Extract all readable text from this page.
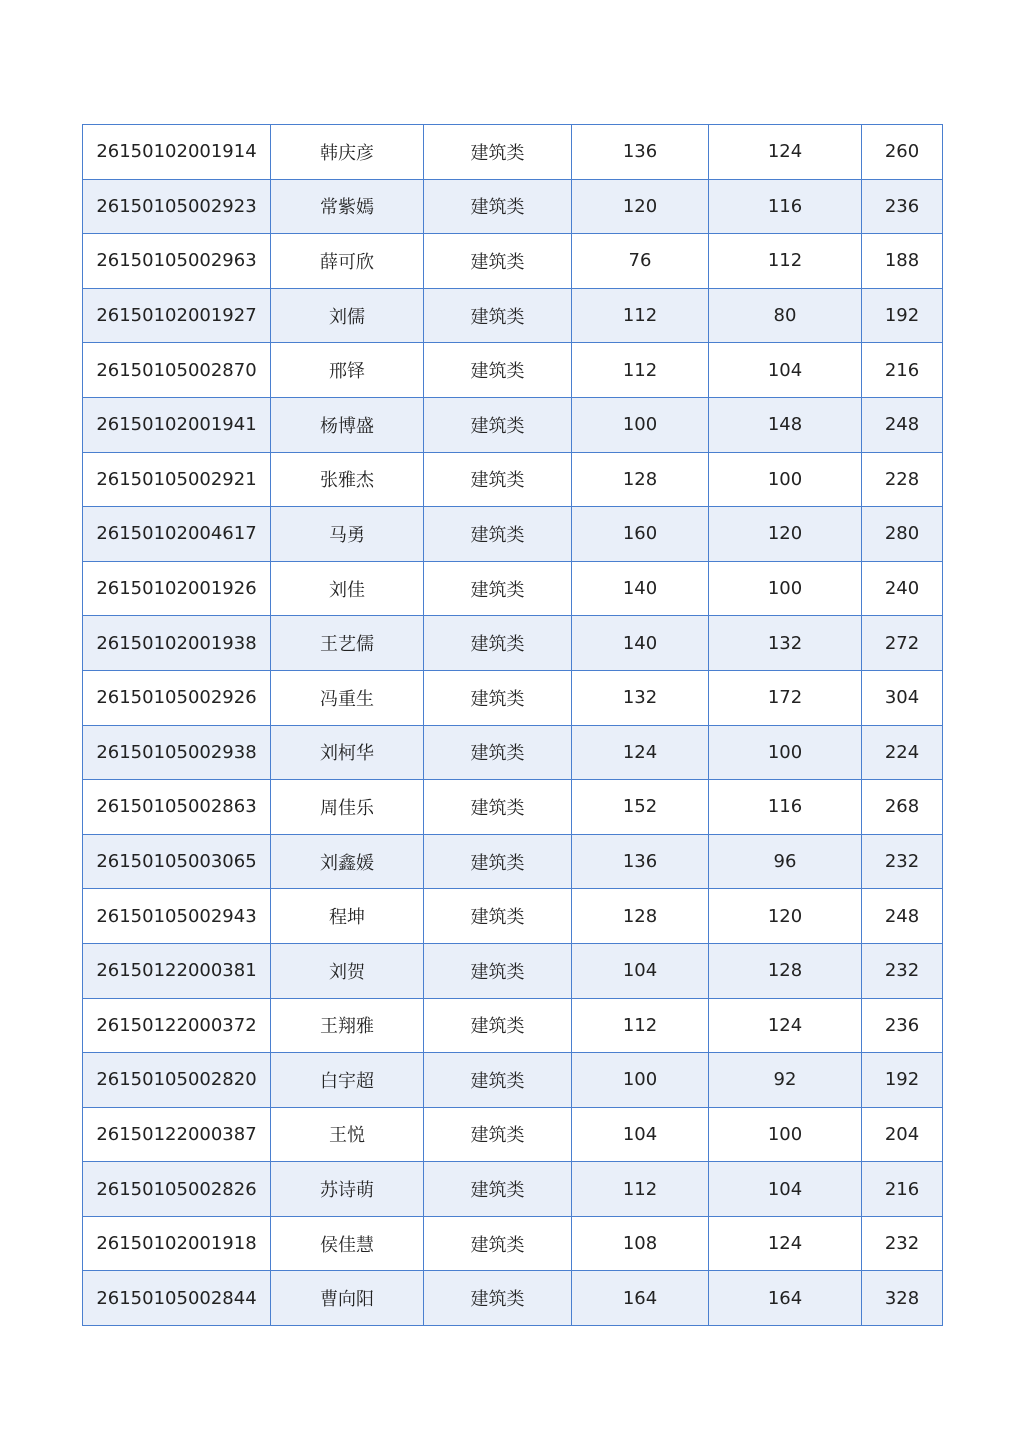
26150102001914	韩庆彦	建筑类	136	124	260
26150105002923	常紫嫣	建筑类	120	116	236
26150105002963	薛可欣	建筑类	76	112	188
26150102001927	刘儒	建筑类	112	80	192
26150105002870	邢铎	建筑类	112	104	216
26150102001941	杨博盛	建筑类	100	148	248
26150105002921	张雅杰	建筑类	128	100	228
26150102004617	马勇	建筑类	160	120	280
26150102001926	刘佳	建筑类	140	100	240
26150102001938	王艺儒	建筑类	140	132	272
26150105002926	冯重生	建筑类	132	172	304
26150105002938	刘柯华	建筑类	124	100	224
26150105002863	周佳乐	建筑类	152	116	268
26150105003065	刘鑫媛	建筑类	136	96	232
26150105002943	程坤	建筑类	128	120	248
26150122000381	刘贺	建筑类	104	128	232
26150122000372	王翔雅	建筑类	112	124	236
26150105002820	白宇超	建筑类	100	92	192
26150122000387	王悦	建筑类	104	100	204
26150105002826	苏诗萌	建筑类	112	104	216
26150102001918	侯佳慧	建筑类	108	124	232
26150105002844	曹向阳	建筑类	164	164	328
